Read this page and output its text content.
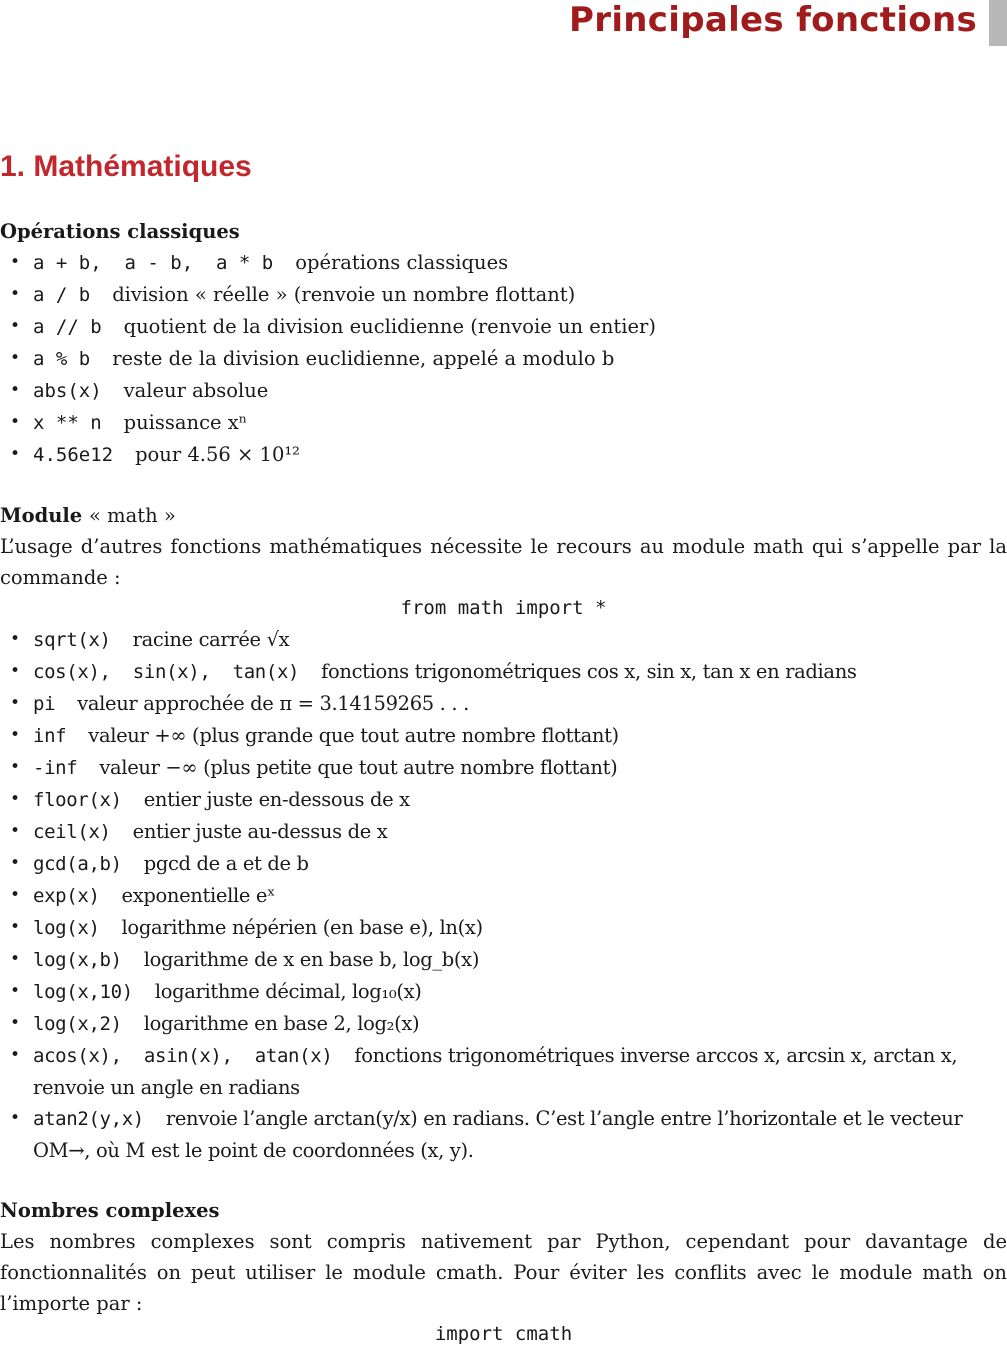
Principales fonctions
1. Mathématiques
Opérations classiques
• a + b,  a - b,  a * b opérations classiques
• a / b division « réelle » (renvoie un nombre flottant)
• a // b quotient de la division euclidienne (renvoie un entier)
• a % b reste de la division euclidienne, appelé a modulo b
• abs(x) valeur absolue
• x ** n puissance xⁿ
• 4.56e12 pour 4.56 × 10¹²
Module « math »

L’usage d’autres fonctions mathématiques nécessite le recours au module math qui s’appelle par la commande :

from math import *
• sqrt(x) racine carrée √x
• cos(x),  sin(x),  tan(x) fonctions trigonométriques cos x, sin x, tan x en radians
• pi valeur approchée de π = 3.14159265 . . .
• inf valeur +∞ (plus grande que tout autre nombre flottant)
• -inf valeur −∞ (plus petite que tout autre nombre flottant)
• floor(x) entier juste en-dessous de x
• ceil(x) entier juste au-dessus de x
• gcd(a,b) pgcd de a et de b
• exp(x) exponentielle eˣ
• log(x) logarithme népérien (en base e), ln(x)
• log(x,b) logarithme de x en base b, log_b(x)
• log(x,10) logarithme décimal, log₁₀(x)
• log(x,2) logarithme en base 2, log₂(x)
• acos(x),  asin(x),  atan(x) fonctions trigonométriques inverse arccos x, arcsin x, arctan x, renvoie un angle en radians
• atan2(y,x) renvoie l’angle arctan(y/x) en radians. C’est l’angle entre l’horizontale et le vecteur OM→, où M est le point de coordonnées (x, y).
Nombres complexes

Les nombres complexes sont compris nativement par Python, cependant pour davantage de fonctionnalités on peut utiliser le module cmath. Pour éviter les conflits avec le module math on l’importe par :

import cmath
